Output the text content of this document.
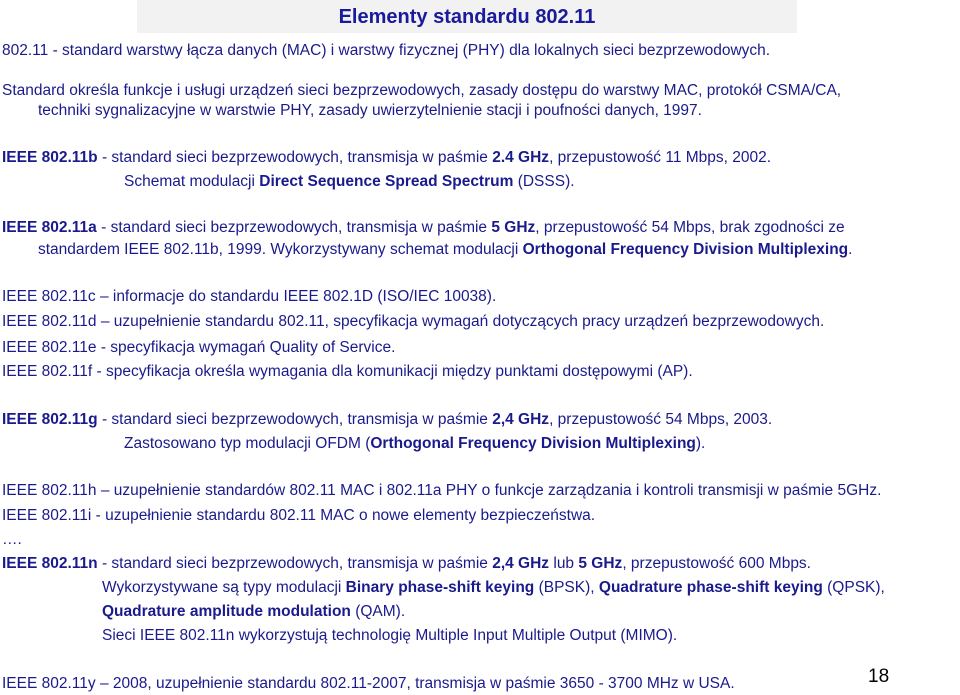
Elementy standardu 802.11
802.11 - standard warstwy łącza danych (MAC) i warstwy fizycznej (PHY) dla lokalnych sieci bezprzewodowych.
Standard określa funkcje i usługi urządzeń sieci bezprzewodowych, zasady dostępu do warstwy MAC, protokół CSMA/CA,
techniki sygnalizacyjne w warstwie PHY, zasady uwierzytelnienie stacji i poufności danych, 1997.
IEEE 802.11b - standard sieci bezprzewodowych, transmisja w paśmie 2.4 GHz, przepustowość 11 Mbps, 2002.
Schemat modulacji Direct Sequence Spread Spectrum (DSSS).
IEEE 802.11a - standard sieci bezprzewodowych, transmisja w paśmie 5 GHz, przepustowość 54 Mbps, brak zgodności ze
standardem IEEE 802.11b, 1999. Wykorzystywany schemat modulacji Orthogonal Frequency Division Multiplexing.
IEEE 802.11c – informacje do standardu IEEE 802.1D (ISO/IEC 10038).
IEEE 802.11d – uzupełnienie standardu 802.11, specyfikacja wymagań dotyczących pracy urządzeń bezprzewodowych.
IEEE 802.11e - specyfikacja wymagań Quality of Service.
IEEE 802.11f - specyfikacja określa wymagania dla komunikacji między punktami dostępowymi (AP).
IEEE 802.11g - standard sieci bezprzewodowych, transmisja w paśmie 2,4 GHz, przepustowość 54 Mbps, 2003.
Zastosowano typ modulacji OFDM (Orthogonal Frequency Division Multiplexing).
IEEE 802.11h – uzupełnienie standardów 802.11 MAC i 802.11a PHY o funkcje zarządzania i kontroli transmisji w paśmie 5GHz.
IEEE 802.11i - uzupełnienie standardu 802.11 MAC o nowe elementy bezpieczeństwa.
….
IEEE 802.11n - standard sieci bezprzewodowych, transmisja w paśmie 2,4 GHz lub 5 GHz, przepustowość 600 Mbps.
Wykorzystywane są typy modulacji Binary phase-shift keying (BPSK), Quadrature phase-shift keying (QPSK),
Quadrature amplitude modulation (QAM).
Sieci IEEE 802.11n wykorzystują technologię Multiple Input Multiple Output (MIMO).
IEEE 802.11y – 2008, uzupełnienie standardu 802.11-2007, transmisja w paśmie 3650 - 3700 MHz w USA.	18
